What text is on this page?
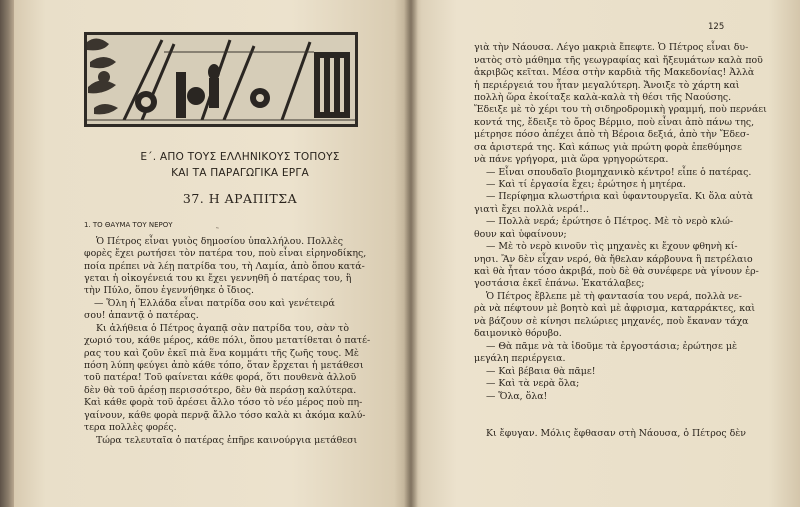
Ε΄. ΑΠΟ ΤΟΥΣ ΕΛΛΗΝΙΚΟΥΣ ΤΟΠΟΥΣ
ΚΑΙ ΤΑ ΠΑΡΑΓΩΓΙΚΑ ΕΡΓΑ
37. Η ΑΡΑΠΙΤΣΑ
1. ΤΟ ΘΑΥΜΑ ΤΟΥ ΝΕΡΟΥ
‟
Ὁ Πέτρος εἶναι γυιὸς δημοσίου ὑπαλλήλου. Πολλὲς
φορὲς ἔχει ρωτήσει τὸν πατέρα του, ποὺ εἶναι εἰρηνοδίκης,
ποία πρέπει νὰ λέῃ πατρίδα του, τὴ Λαμία, ἀπὸ ὅπου κατά-
γεται ἡ οἰκογένειά του κι ἔχει γεννηθῆ ὁ πατέρας του, ἢ
τὴν Πύλο, ὅπου ἐγεννήθηκε ὁ ἴδιος.
— Ὅλη ἡ Ἑλλάδα εἶναι πατρίδα σου καὶ γενέτειρά
σου! ἀπαντᾷ ὁ πατέρας.
Κι ἀλήθεια ὁ Πέτρος ἀγαπᾷ σὰν πατρίδα του, σὰν τὸ
χωριό του, κάθε μέρος, κάθε πόλι, ὅπου μετατίθεται ὁ πατέ-
ρας του καὶ ζοῦν ἐκεῖ πιὰ ἕνα κομμάτι τῆς ζωῆς τους. Μὲ
πόση λύπη φεύγει ἀπὸ κάθε τόπο, ὅταν ἔρχεται ἡ μετάθεσι
τοῦ πατέρα! Τοῦ φαίνεται κάθε φορά, ὅτι πουθενὰ ἀλλοῦ
δὲν θὰ τοῦ ἀρέσῃ περισσότερο, δὲν θὰ περάσῃ καλύτερα.
Καὶ κάθε φορὰ τοῦ ἀρέσει ἄλλο τόσο τὸ νέο μέρος ποὺ πη-
γαίνουν, κάθε φορὰ περνᾷ ἄλλο τόσο καλὰ κι ἀκόμα καλύ-
τερα πολλὲς φορές.
Τώρα τελευταῖα ὁ πατέρας ἐπῆρε καινούργια μετάθεσι
125
γιὰ τὴν Νάουσα. Λέγο μακριὰ ἔπεφτε. Ὁ Πέτρος εἶναι δυ-
νατὸς στὸ μάθημα τῆς γεωγραφίας καὶ ἤξευμάτων καλὰ ποῦ
ἀκριβῶς κεῖται. Μέσα στὴν καρδιὰ τῆς Μακεδονίας! Ἀλλὰ
ἡ περιέργειά του ἦταν μεγαλύτερη. Ἄνοιξε τὸ χάρτη καὶ
πολλὴ ὥρα ἐκοίταξε καλὰ-καλὰ τὴ θέσι τῆς Ναούσης.
Ἔδειξε μὲ τὸ χέρι του τὴ σιδηροδρομικὴ γραμμή, ποὺ περνάει
κοντά της, ἔδειξε τὸ ὄρος Βέρμιο, ποὺ εἶναι ἀπὸ πάνω της,
μέτρησε πόσο ἀπέχει ἀπὸ τὴ Βέροια δεξιά, ἀπὸ τὴν Ἔδεσ-
σα ἀριστερά της. Καὶ κάπως γιὰ πρώτη φορὰ ἐπεθύμησε
νὰ πάνε γρήγορα, μιὰ ὥρα γρηγορώτερα.
— Εἶναι σπουδαῖο βιομηχανικὸ κέντρο! εἶπε ὁ πατέρας.
— Καὶ τί ἐργασία ἔχει; ἐρώτησε ἡ μητέρα.
— Περίφημα κλωστήρια καὶ ὑφαντουργεῖα. Κι ὅλα αὐτὰ
γιατὶ ἔχει πολλὰ νερά!..
— Πολλὰ νερά; ἐρώτησε ὁ Πέτρος. Μὲ τὸ νερὸ κλώ-
θουν καὶ ὑφαίνουν;
— Μὲ τὸ νερὸ κινοῦν τὶς μηχανὲς κι ἔχουν φθηνὴ κί-
νησι. Ἂν δὲν εἶχαν νερό, θὰ ἤθελαν κάρβουνα ἢ πετρέλαιο
καὶ θὰ ἦταν τόσο ἀκριβά, ποὺ δὲ θὰ συνέφερε νὰ γίνουν ἐρ-
γοστάσια ἐκεῖ ἐπάνω. Ἐκατάλαβες;
Ὁ Πέτρος ἔβλεπε μὲ τὴ φαντασία του νερά, πολλὰ νε-
ρὰ νὰ πέφτουν μὲ βοητὸ καὶ μὲ ἀφρισμα, καταρράκτες, καὶ
νὰ βάζουν σὲ κίνησι πελώριες μηχανές, ποὺ ἔκαναν τάχα
δαιμονικὸ θόρυβο.
— Θὰ πᾶμε νὰ τὰ ἰδοῦμε τὰ ἐργοστάσια; ἐρώτησε μὲ
μεγάλη περιέργεια.
— Καὶ βέβαια θὰ πᾶμε!
— Καὶ τὰ νερὰ ὅλα;
— Ὅλα, ὅλα!
Κι ἔφυγαν. Μόλις ἔφθασαν στὴ Νάουσα, ὁ Πέτρος δὲν
